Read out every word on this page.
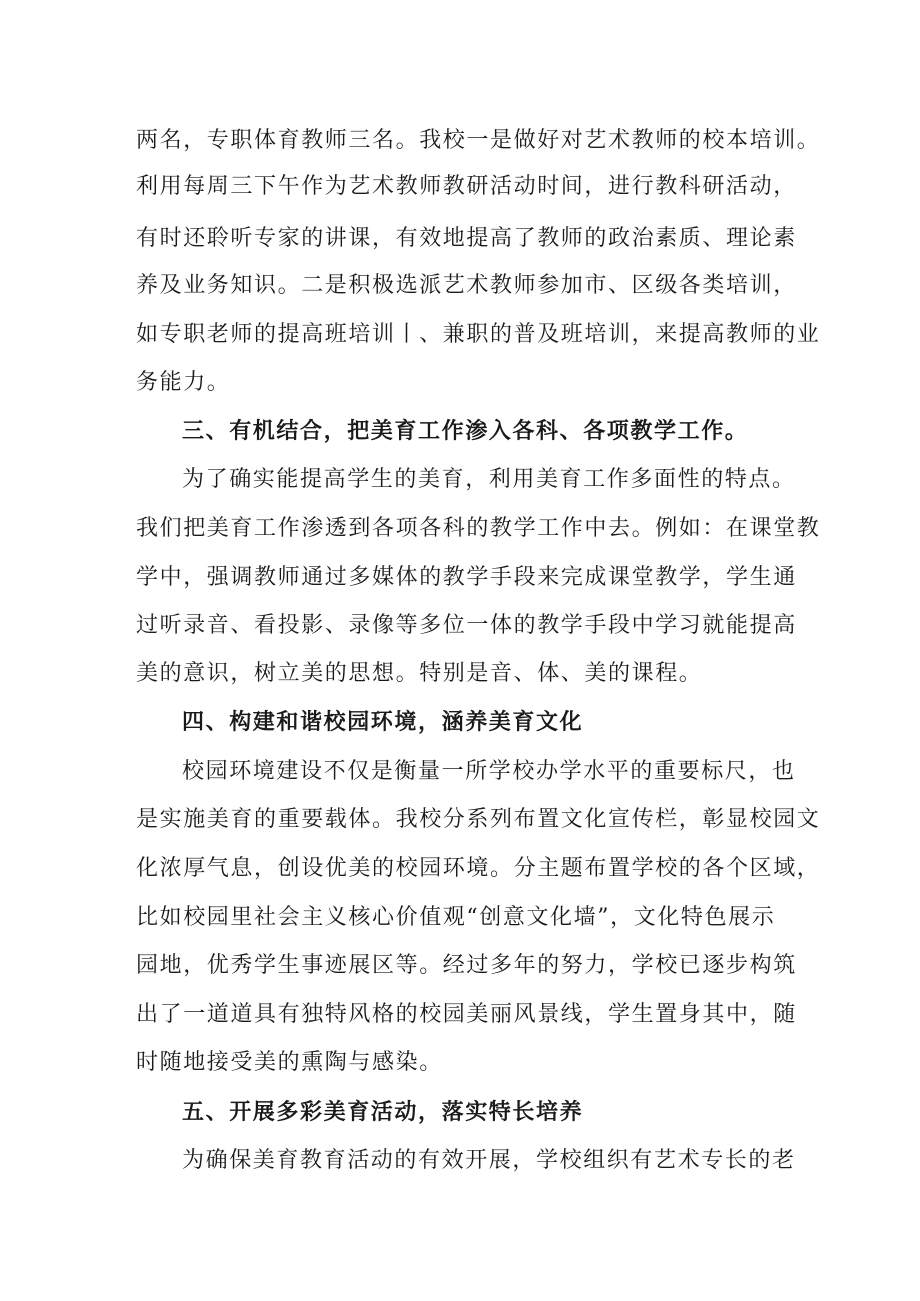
两名，专职体育教师三名。我校一是做好对艺术教师的校本培训。
利用每周三下午作为艺术教师教研活动时间，进行教科研活动，
有时还聆听专家的讲课，有效地提高了教师的政治素质、理论素
养及业务知识。二是积极选派艺术教师参加市、区级各类培训，
如专职老师的提高班培训丨、兼职的普及班培训，来提高教师的业
务能力。
三、有机结合，把美育工作渗入各科、各项教学工作。
为了确实能提高学生的美育，利用美育工作多面性的特点。
我们把美育工作渗透到各项各科的教学工作中去。例如：在课堂教
学中，强调教师通过多媒体的教学手段来完成课堂教学，学生通
过听录音、看投影、录像等多位一体的教学手段中学习就能提高
美的意识，树立美的思想。特别是音、体、美的课程。
四、构建和谐校园环境，涵养美育文化
校园环境建设不仅是衡量一所学校办学水平的重要标尺，也
是实施美育的重要载体。我校分系列布置文化宣传栏，彰显校园文
化浓厚气息，创设优美的校园环境。分主题布置学校的各个区域，
比如校园里社会主义核心价值观“创意文化墙”，文化特色展示
园地，优秀学生事迹展区等。经过多年的努力，学校已逐步构筑
出了一道道具有独特风格的校园美丽风景线，学生置身其中，随
时随地接受美的熏陶与感染。
五、开展多彩美育活动，落实特长培养
为确保美育教育活动的有效开展，学校组织有艺术专长的老
